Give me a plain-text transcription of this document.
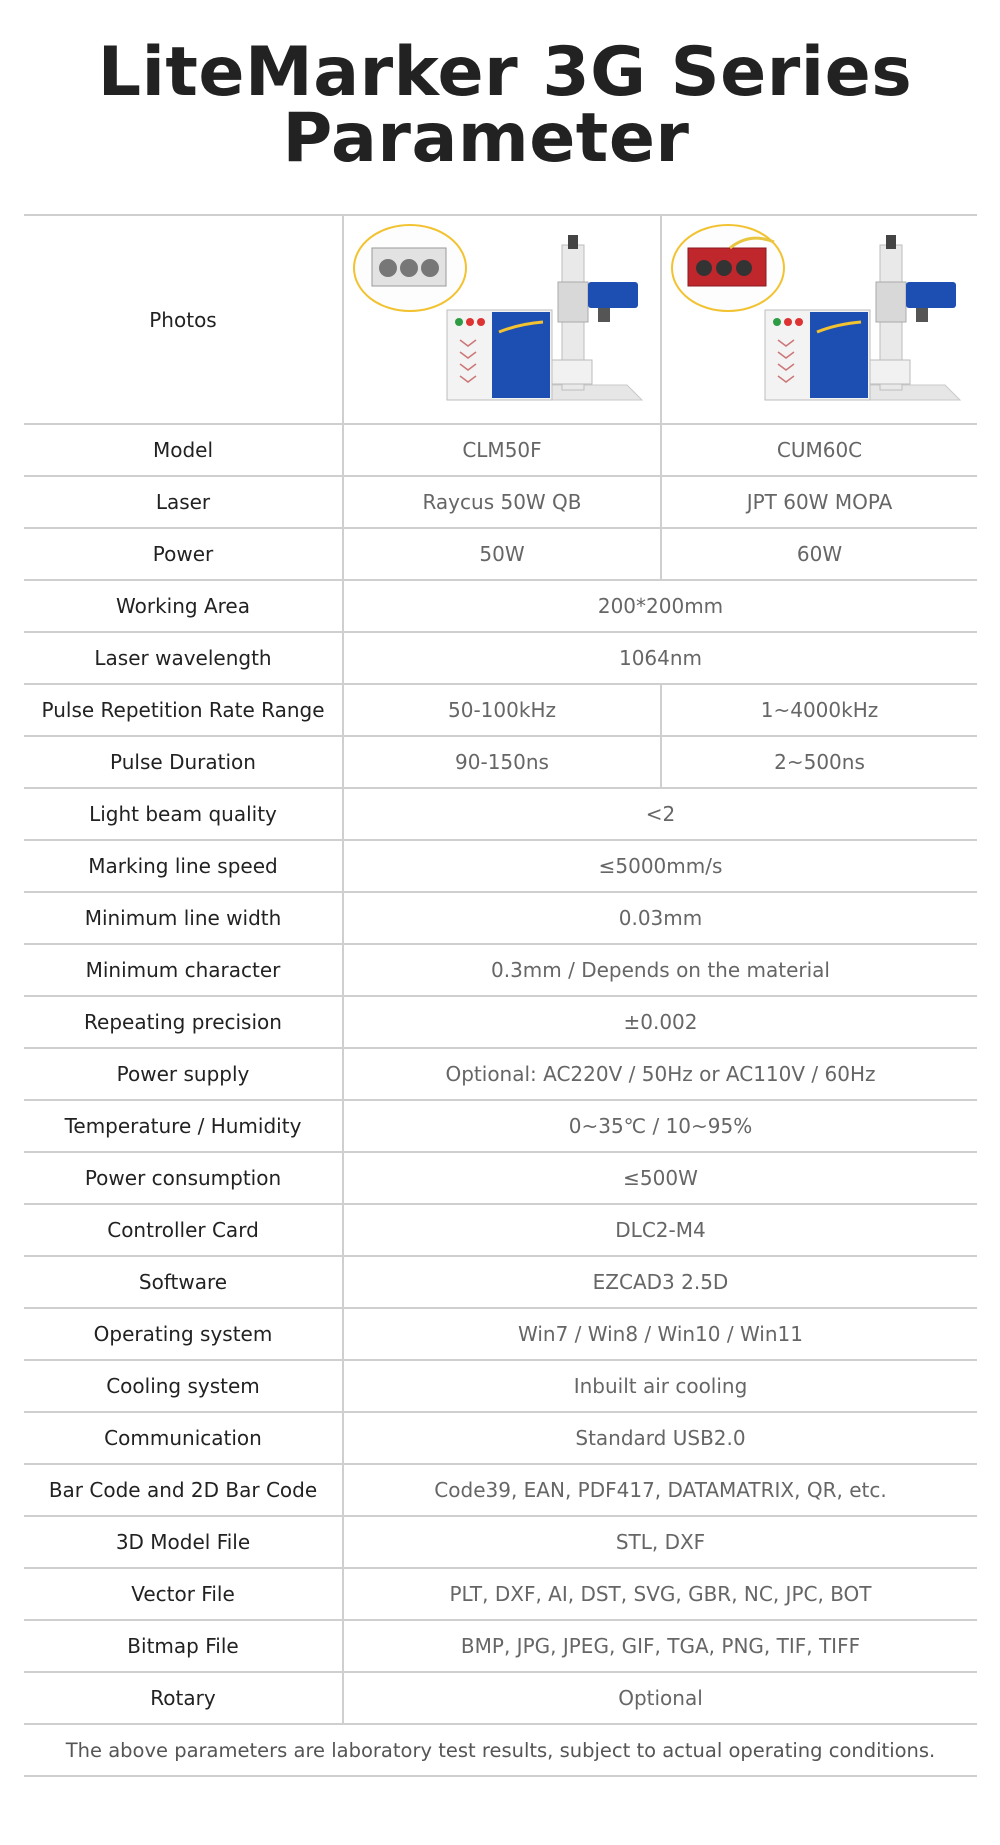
LiteMarker 3G Series
Parameter
Photos	

Model	CLM50F	CUM60C
Laser	Raycus 50W QB	JPT 60W MOPA
Power	50W	60W
Working Area	200*200mm	
Laser wavelength	1064nm	
Pulse Repetition Rate Range	50-100kHz	1~4000kHz
Pulse Duration	90-150ns	2~500ns
Light beam quality	<2	
Marking line speed	≤5000mm/s	
Minimum line width	0.03mm	
Minimum character	0.3mm / Depends on the material	
Repeating precision	±0.002	
Power supply	Optional: AC220V / 50Hz or AC110V / 60Hz	
Temperature / Humidity	0~35℃ / 10~95%	
Power consumption	≤500W	
Controller Card	DLC2-M4	
Software	EZCAD3 2.5D	
Operating system	Win7 / Win8 / Win10 / Win11	
Cooling system	Inbuilt air cooling	
Communication	Standard USB2.0	
Bar Code and 2D Bar Code	Code39, EAN, PDF417, DATAMATRIX, QR, etc.	
3D Model File	STL, DXF	
Vector File	PLT, DXF, AI, DST, SVG, GBR, NC, JPC, BOT	
Bitmap File	BMP, JPG, JPEG, GIF, TGA, PNG, TIF, TIFF	
Rotary	Optional	
The above parameters are laboratory test results, subject to actual operating conditions.		
